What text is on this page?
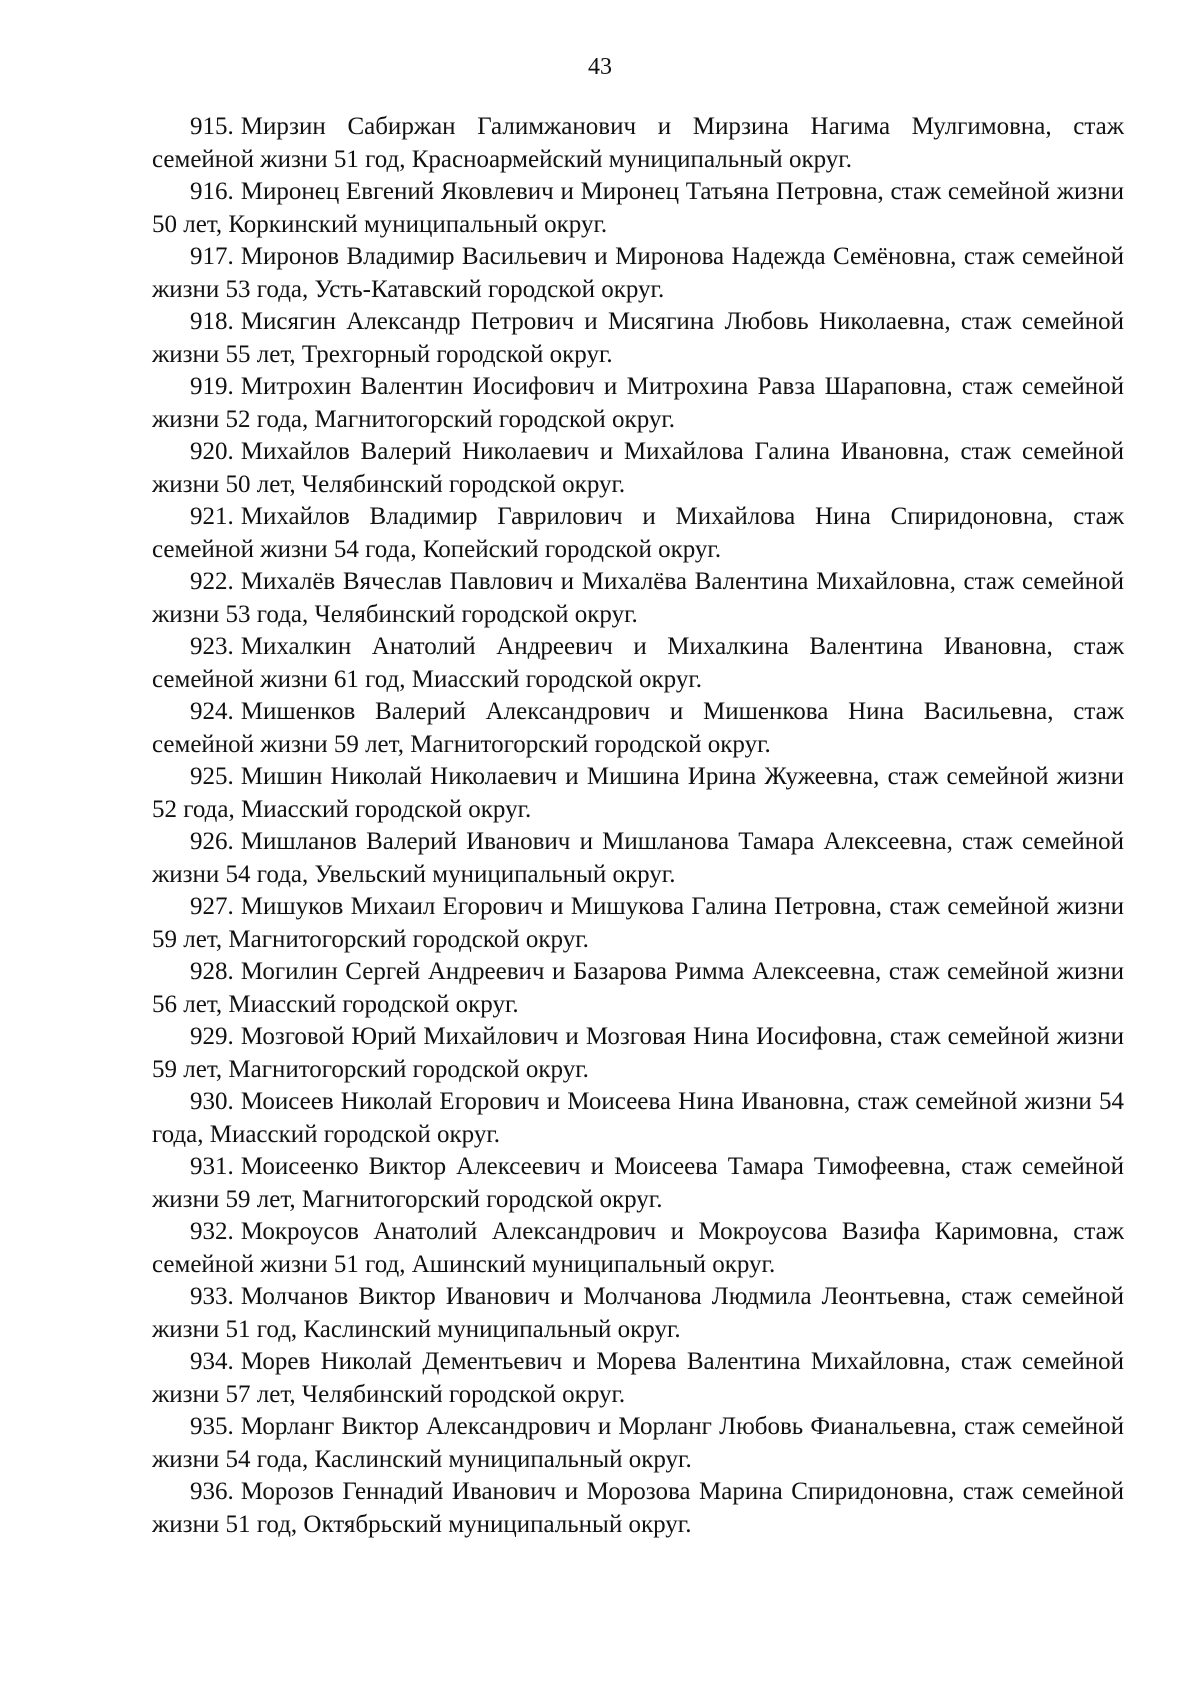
43

915. Мирзин Сабиржан Галимжанович и Мирзина Нагима Мулгимовна, стаж семейной жизни 51 год, Красноармейский муниципальный округ.

916. Миронец Евгений Яковлевич и Миронец Татьяна Петровна, стаж семейной жизни 50 лет, Коркинский муниципальный округ.

917. Миронов Владимир Васильевич и Миронова Надежда Семёновна, стаж семейной жизни 53 года, Усть-Катавский городской округ.

918. Мисягин Александр Петрович и Мисягина Любовь Николаевна, стаж семейной жизни 55 лет, Трехгорный городской округ.

919. Митрохин Валентин Иосифович и Митрохина Равза Шараповна, стаж семейной жизни 52 года, Магнитогорский городской округ.

920. Михайлов Валерий Николаевич и Михайлова Галина Ивановна, стаж семейной жизни 50 лет, Челябинский городской округ.

921. Михайлов Владимир Гаврилович и Михайлова Нина Спиридоновна, стаж семейной жизни 54 года, Копейский городской округ.

922. Михалёв Вячеслав Павлович и Михалёва Валентина Михайловна, стаж семейной жизни 53 года, Челябинский городской округ.

923. Михалкин Анатолий Андреевич и Михалкина Валентина Ивановна, стаж семейной жизни 61 год, Миасский городской округ.

924. Мишенков Валерий Александрович и Мишенкова Нина Васильевна, стаж семейной жизни 59 лет, Магнитогорский городской округ.

925. Мишин Николай Николаевич и Мишина Ирина Жужеевна, стаж семейной жизни 52 года, Миасский городской округ.

926. Мишланов Валерий Иванович и Мишланова Тамара Алексеевна, стаж семейной жизни 54 года, Увельский муниципальный округ.

927. Мишуков Михаил Егорович и Мишукова Галина Петровна, стаж семейной жизни 59 лет, Магнитогорский городской округ.

928. Могилин Сергей Андреевич и Базарова Римма Алексеевна, стаж семейной жизни 56 лет, Миасский городской округ.

929. Мозговой Юрий Михайлович и Мозговая Нина Иосифовна, стаж семейной жизни 59 лет, Магнитогорский городской округ.

930. Моисеев Николай Егорович и Моисеева Нина Ивановна, стаж семейной жизни 54 года, Миасский городской округ.

931. Моисеенко Виктор Алексеевич и Моисеева Тамара Тимофеевна, стаж семейной жизни 59 лет, Магнитогорский городской округ.

932. Мокроусов Анатолий Александрович и Мокроусова Вазифа Каримовна, стаж семейной жизни 51 год, Ашинский муниципальный округ.

933. Молчанов Виктор Иванович и Молчанова Людмила Леонтьевна, стаж семейной жизни 51 год, Каслинский муниципальный округ.

934. Морев Николай Дементьевич и Морева Валентина Михайловна, стаж семейной жизни 57 лет, Челябинский городской округ.

935. Морланг Виктор Александрович и Морланг Любовь Фианальевна, стаж семейной жизни 54 года, Каслинский муниципальный округ.

936. Морозов Геннадий Иванович и Морозова Марина Спиридоновна, стаж семейной жизни 51 год, Октябрьский муниципальный округ.
